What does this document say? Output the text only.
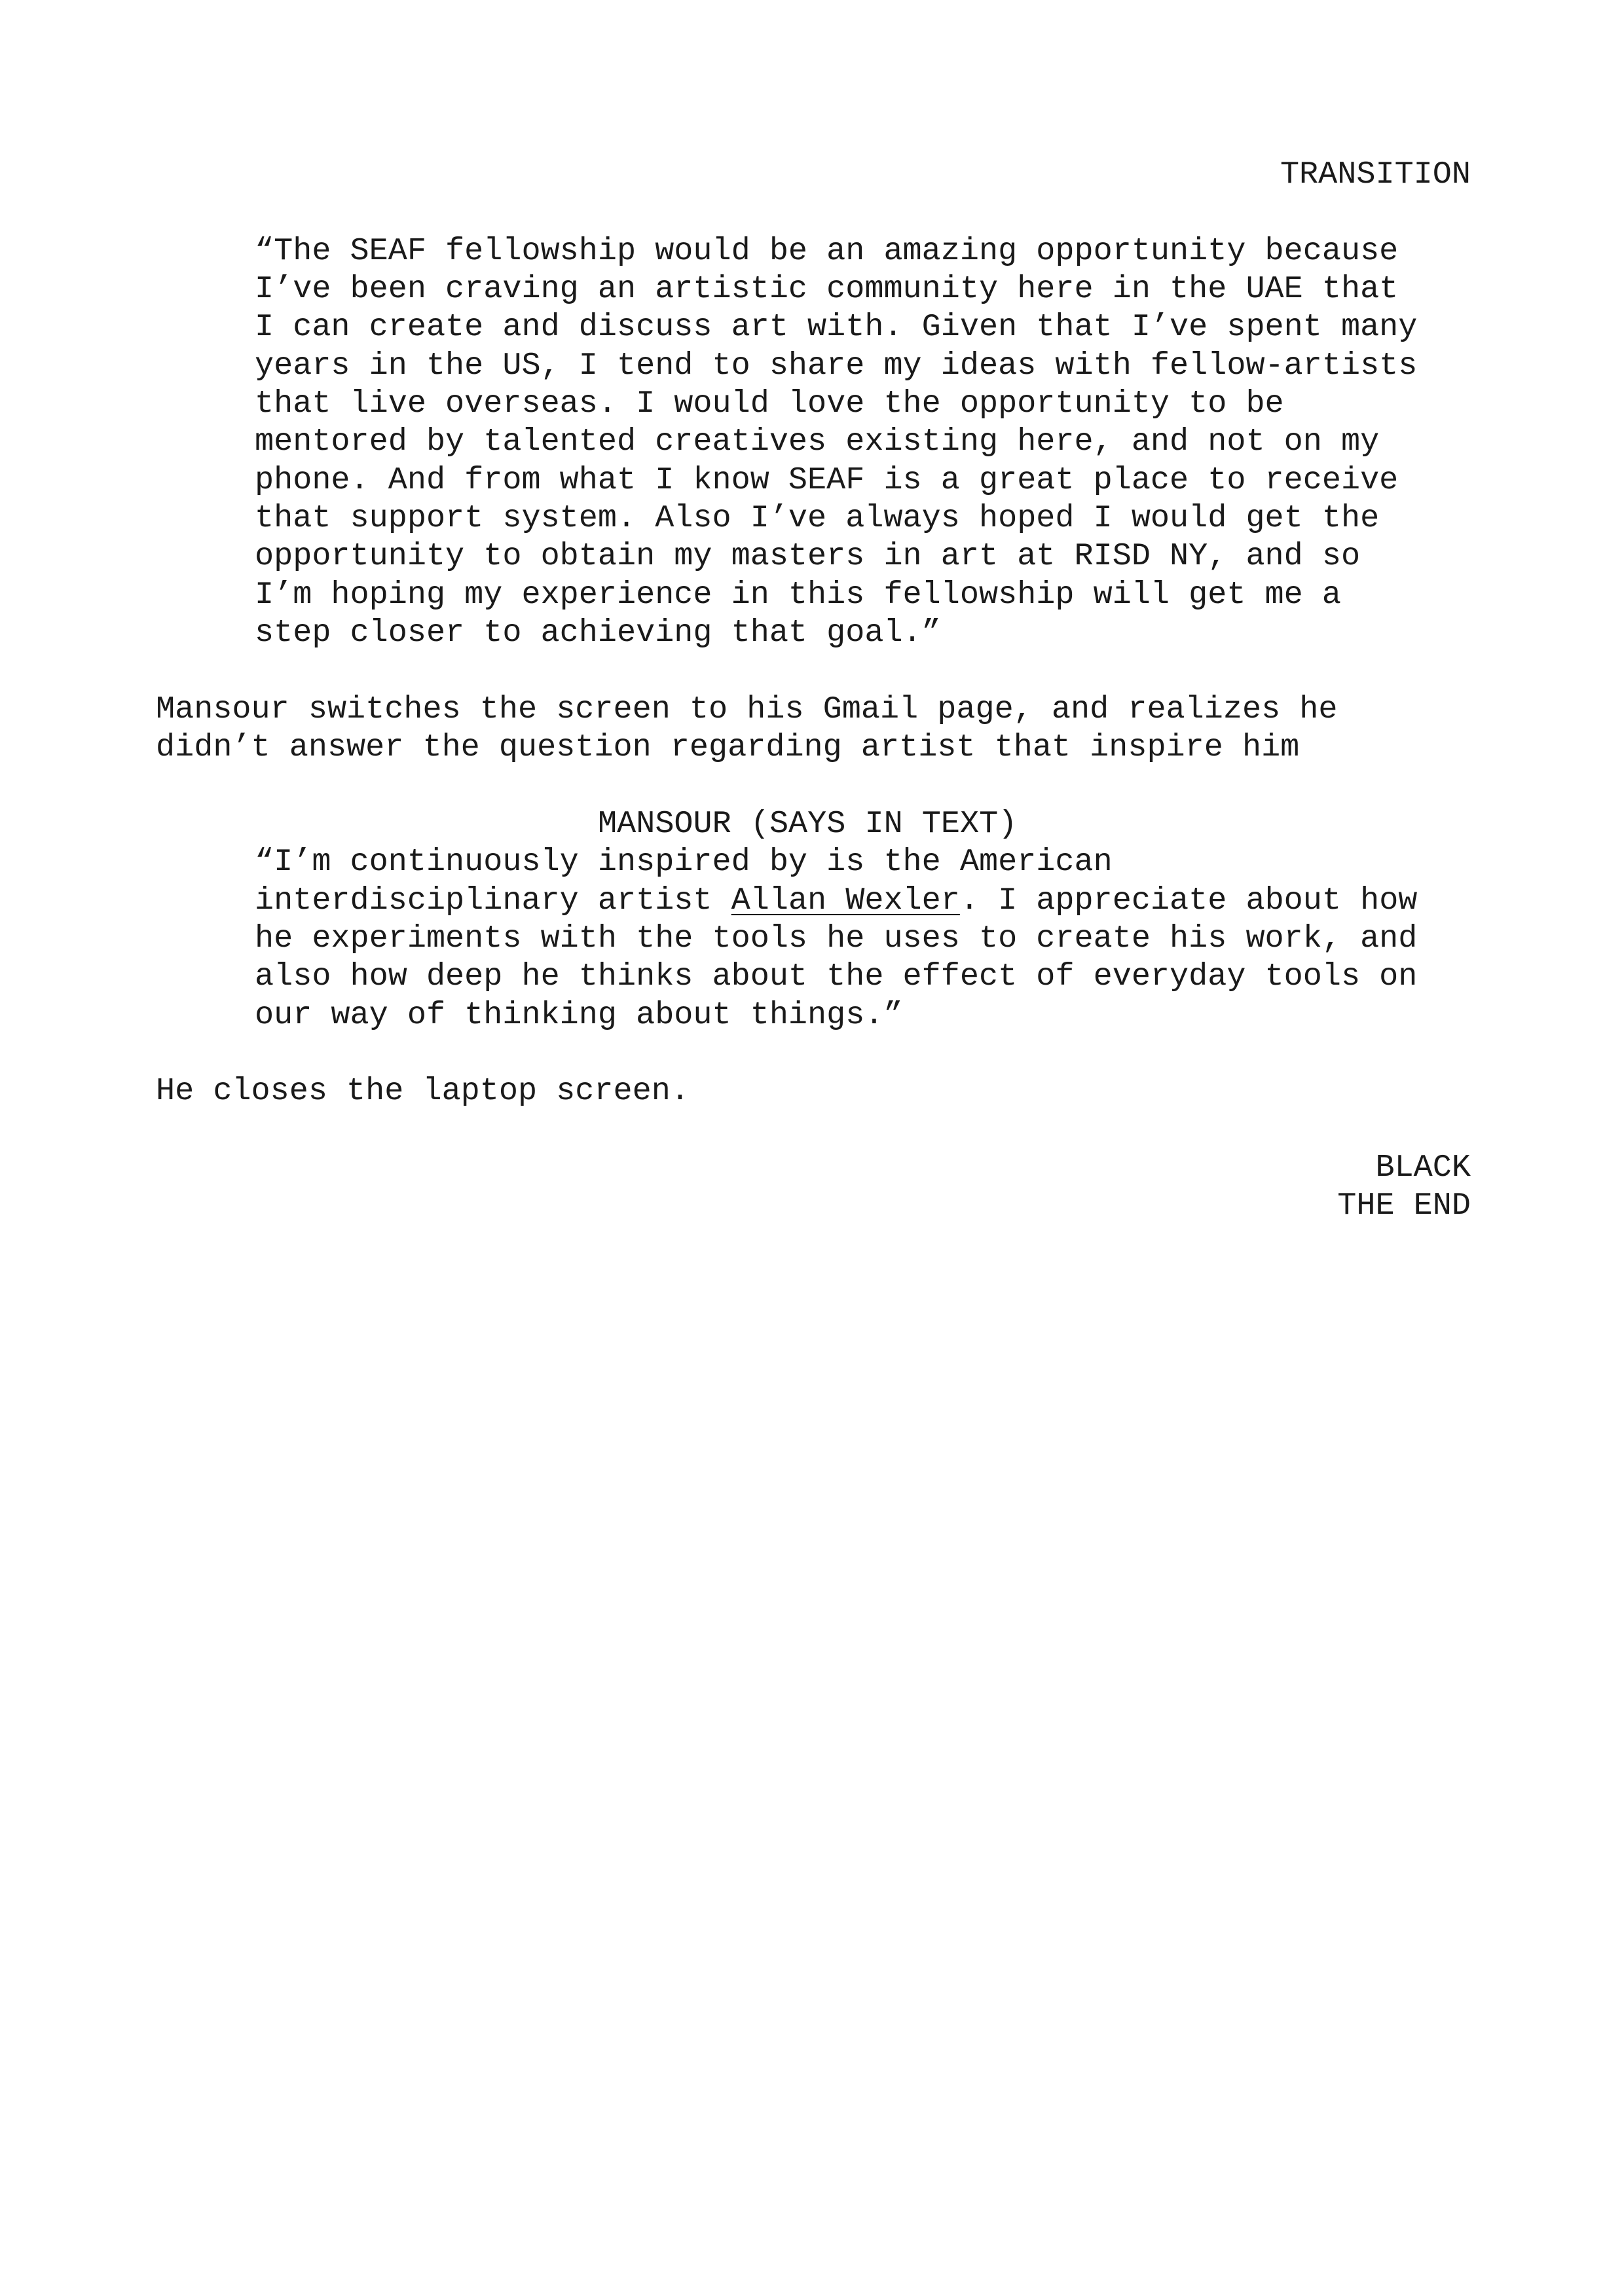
TRANSITION
“The SEAF fellowship would be an amazing opportunity because
I’ve been craving an artistic community here in the UAE that
I can create and discuss art with. Given that I’ve spent many
years in the US, I tend to share my ideas with fellow-artists
that live overseas. I would love the opportunity to be
mentored by talented creatives existing here, and not on my
phone. And from what I know SEAF is a great place to receive
that support system. Also I’ve always hoped I would get the
opportunity to obtain my masters in art at RISD NY, and so
I’m hoping my experience in this fellowship will get me a
step closer to achieving that goal.”
Mansour switches the screen to his Gmail page, and realizes he
didn’t answer the question regarding artist that inspire him
MANSOUR (SAYS IN TEXT)
“I’m continuously inspired by is the American
interdisciplinary artist Allan Wexler. I appreciate about how
he experiments with the tools he uses to create his work, and
also how deep he thinks about the effect of everyday tools on
our way of thinking about things.”
He closes the laptop screen.
BLACK
THE END
